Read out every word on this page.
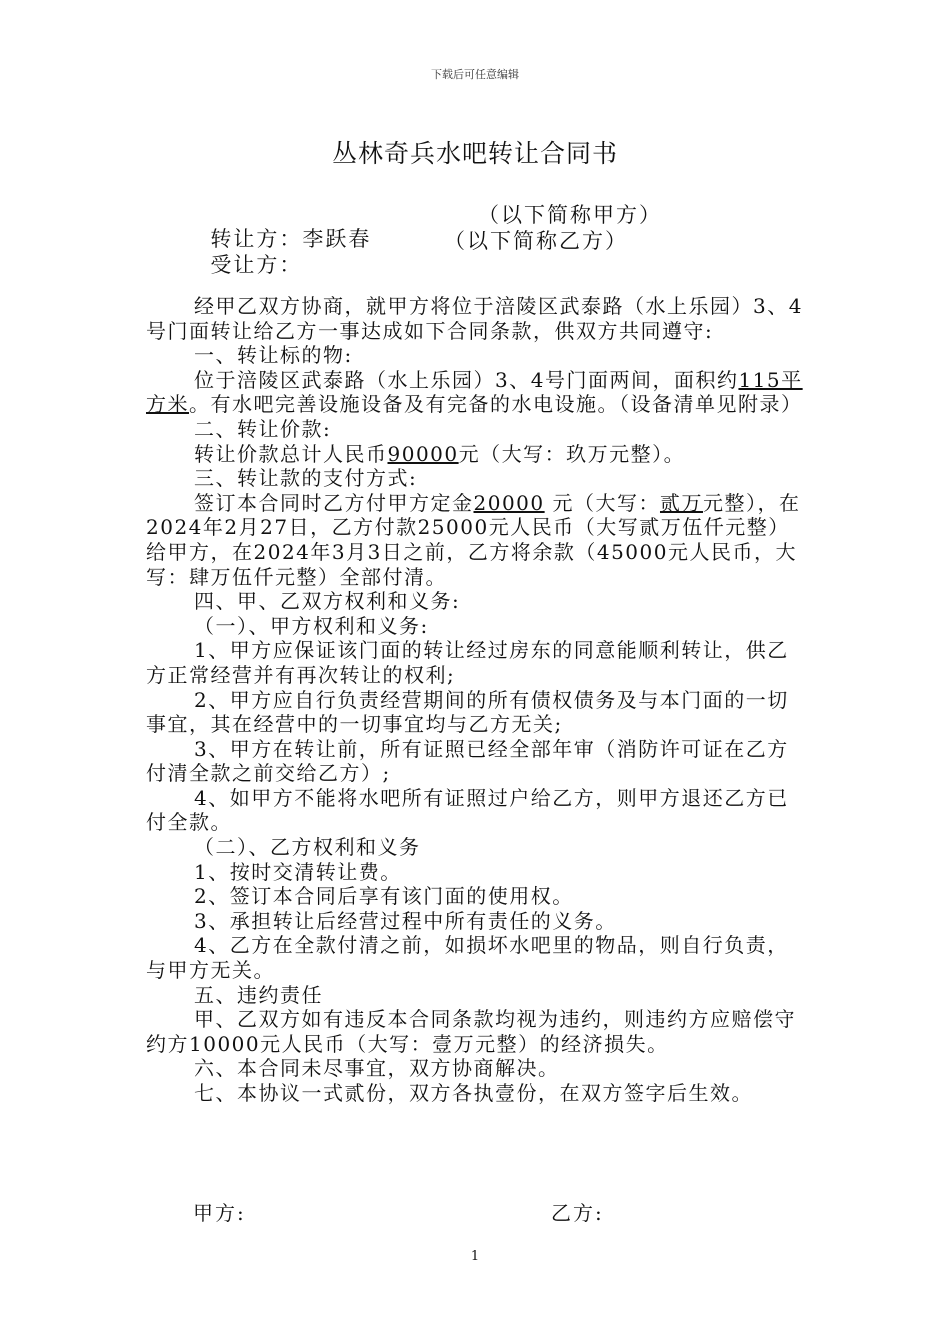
下载后可任意编辑
丛林奇兵水吧转让合同书

转让方：李跃春

（以下简称甲方）

受让方：

（以下简称乙方）

经甲乙双方协商，就甲方将位于涪陵区武泰路（水上乐园）3、4号门面转让给乙方一事达成如下合同条款，供双方共同遵守:

一、转让标的物:

位于涪陵区武泰路（水上乐园）3、4号门面两间，面积约115平方米。有水吧完善设施设备及有完备的水电设施。（设备清单见附录）

二、转让价款:

转让价款总计人民币90000元（大写：玖万元整）。

三、转让款的支付方式:

签订本合同时乙方付甲方定金20000 元（大写：贰万元整），在2024年2月27日，乙方付款25000元人民币（大写贰万伍仟元整）给甲方，在2024年3月3日之前，乙方将余款（45000元人民币，大写：肆万伍仟元整）全部付清。

四、甲、乙双方权利和义务:

（一）、甲方权利和义务:

1、甲方应保证该门面的转让经过房东的同意能顺利转让，供乙方正常经营并有再次转让的权利;

2、甲方应自行负责经营期间的所有债权债务及与本门面的一切事宜，其在经营中的一切事宜均与乙方无关;

3、甲方在转让前，所有证照已经全部年审（消防许可证在乙方付清全款之前交给乙方）;

4、如甲方不能将水吧所有证照过户给乙方，则甲方退还乙方已付全款。

（二）、乙方权利和义务

1、按时交清转让费。

2、签订本合同后享有该门面的使用权。

3、承担转让后经营过程中所有责任的义务。

4、乙方在全款付清之前，如损坏水吧里的物品，则自行负责，与甲方无关。

五、违约责任

甲、乙双方如有违反本合同条款均视为违约，则违约方应赔偿守约方10000元人民币（大写：壹万元整）的经济损失。

六、本合同未尽事宜，双方协商解决。

七、本协议一式贰份，双方各执壹份，在双方签字后生效。

甲方:	乙方:
1
